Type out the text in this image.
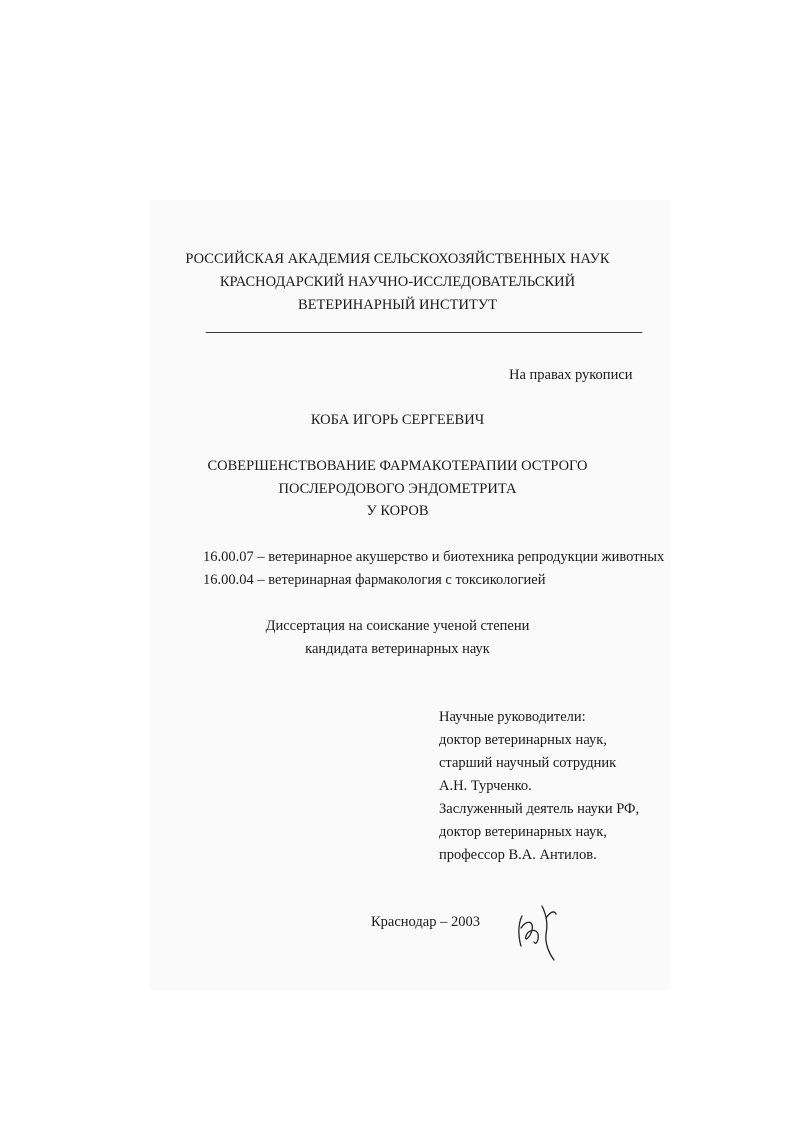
РОССИЙСКАЯ АКАДЕМИЯ СЕЛЬСКОХОЗЯЙСТВЕННЫХ НАУК
КРАСНОДАРСКИЙ НАУЧНО-ИССЛЕДОВАТЕЛЬСКИЙ
ВЕТЕРИНАРНЫЙ ИНСТИТУТ
На правах рукописи
КОБА ИГОРЬ СЕРГЕЕВИЧ
СОВЕРШЕНСТВОВАНИЕ ФАРМАКОТЕРАПИИ ОСТРОГО
ПОСЛЕРОДОВОГО ЭНДОМЕТРИТА
У КОРОВ
16.00.07 – ветеринарное акушерство и биотехника репродукции животных
16.00.04 – ветеринарная фармакология с токсикологией
Диссертация на соискание ученой степени
кандидата ветеринарных наук
Научные руководители:
доктор ветеринарных наук,
старший научный сотрудник
А.Н. Турченко.
Заслуженный деятель науки РФ,
доктор ветеринарных наук,
профессор В.А. Антилов.
Краснодар – 2003
